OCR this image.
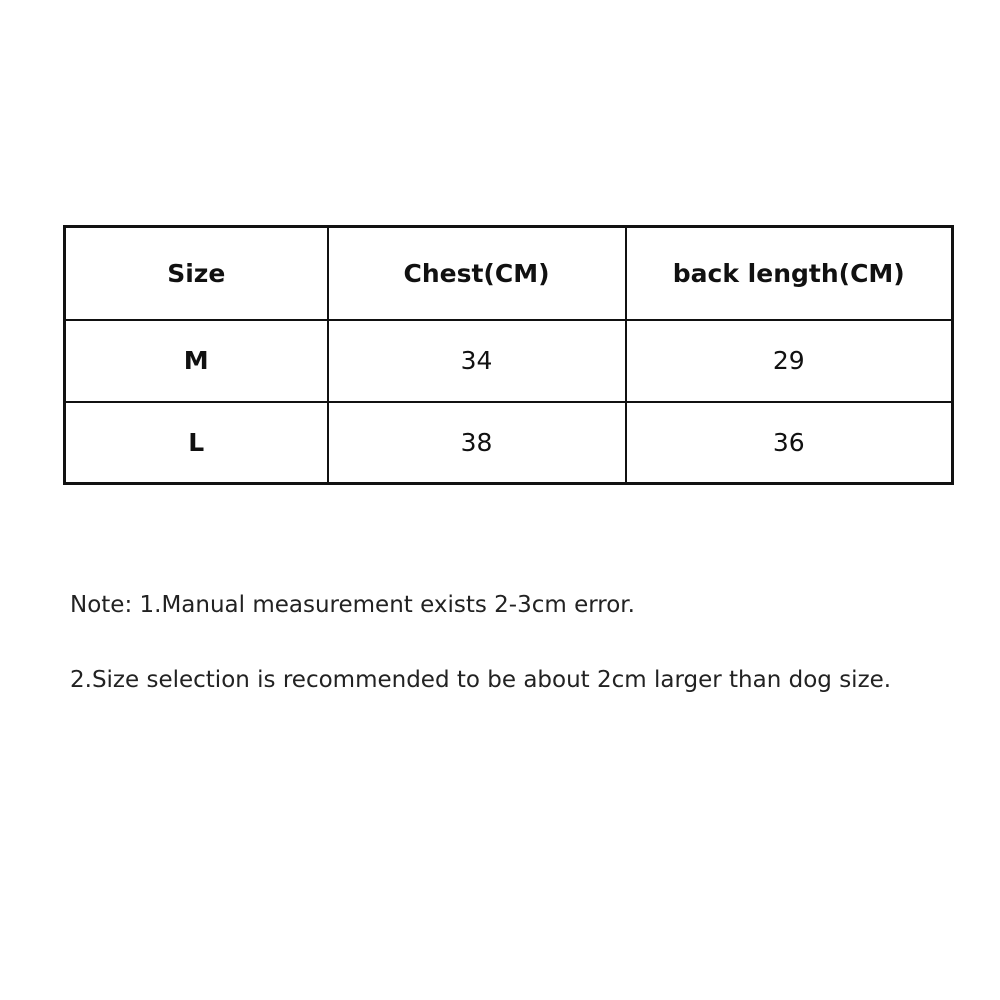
Size	Chest(CM)	back length(CM)
M	34	29
L	38	36
Note: 1.Manual measurement exists 2-3cm error.
2.Size selection is recommended to be about 2cm larger than dog size.
